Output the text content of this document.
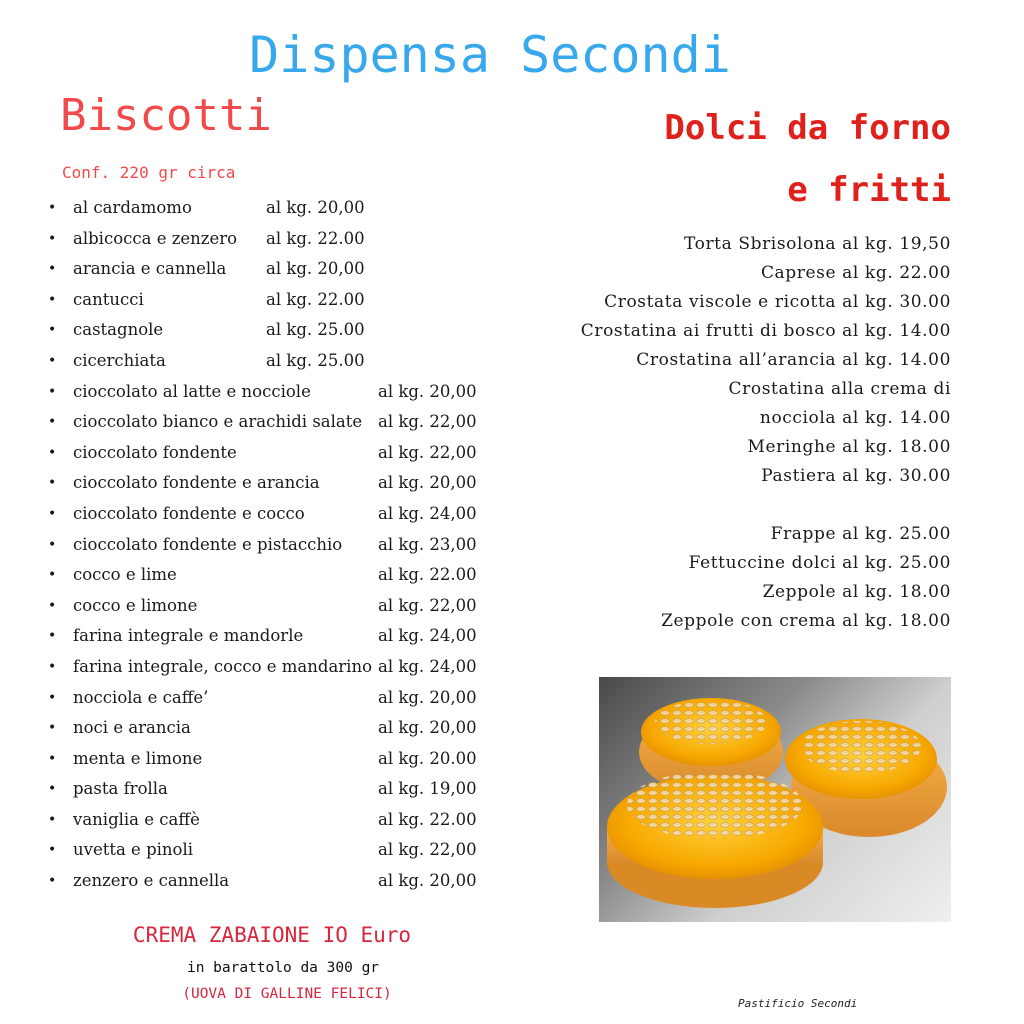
Dispensa Secondi
Biscotti
Conf. 220 gr circa
• al cardamomo	al kg. 20,00
• albicocca e zenzero al kg. 22.00
• arancia e cannella al kg. 20,00
• cantucci	al kg. 22.00
• castagnole	al kg. 25.00
• cicerchiata	al kg. 25.00
• cioccolato al latte e nocciole	al kg. 20,00
• cioccolato bianco e arachidi salate al kg. 22,00
• cioccolato fondente	al kg. 22,00
• cioccolato fondente e arancia	al kg. 20,00
• cioccolato fondente e cocco	al kg. 24,00
• cioccolato fondente e pistacchio al kg. 23,00
• cocco e lime	al kg. 22.00
• cocco e limone	al kg. 22,00
• farina integrale e mandorle	al kg. 24,00
• farina integrale, cocco e mandarino al kg. 24,00
• nocciola e caffe’	al kg. 20,00
• noci e arancia	al kg. 20,00
• menta e limone	al kg. 20.00
• pasta frolla	al kg. 19,00
• vaniglia e caffè	al kg. 22.00
• uvetta e pinoli	al kg. 22,00
• zenzero e cannella	al kg. 20,00
CREMA ZABAIONE IO Euro
in barattolo da 300 gr
(UOVA DI GALLINE FELICI)
Dolci da forno
e fritti
Torta Sbrisolona al kg. 19,50
Caprese al kg. 22.00
Crostata viscole e ricotta al kg. 30.00
Crostatina ai frutti di bosco al kg. 14.00
Crostatina all’arancia al kg. 14.00
Crostatina alla crema di
nocciola al kg. 14.00
Meringhe al kg. 18.00
Pastiera al kg. 30.00
Frappe al kg. 25.00
Fettuccine dolci al kg. 25.00
Zeppole al kg. 18.00
Zeppole con crema al kg. 18.00
Pastificio Secondi
